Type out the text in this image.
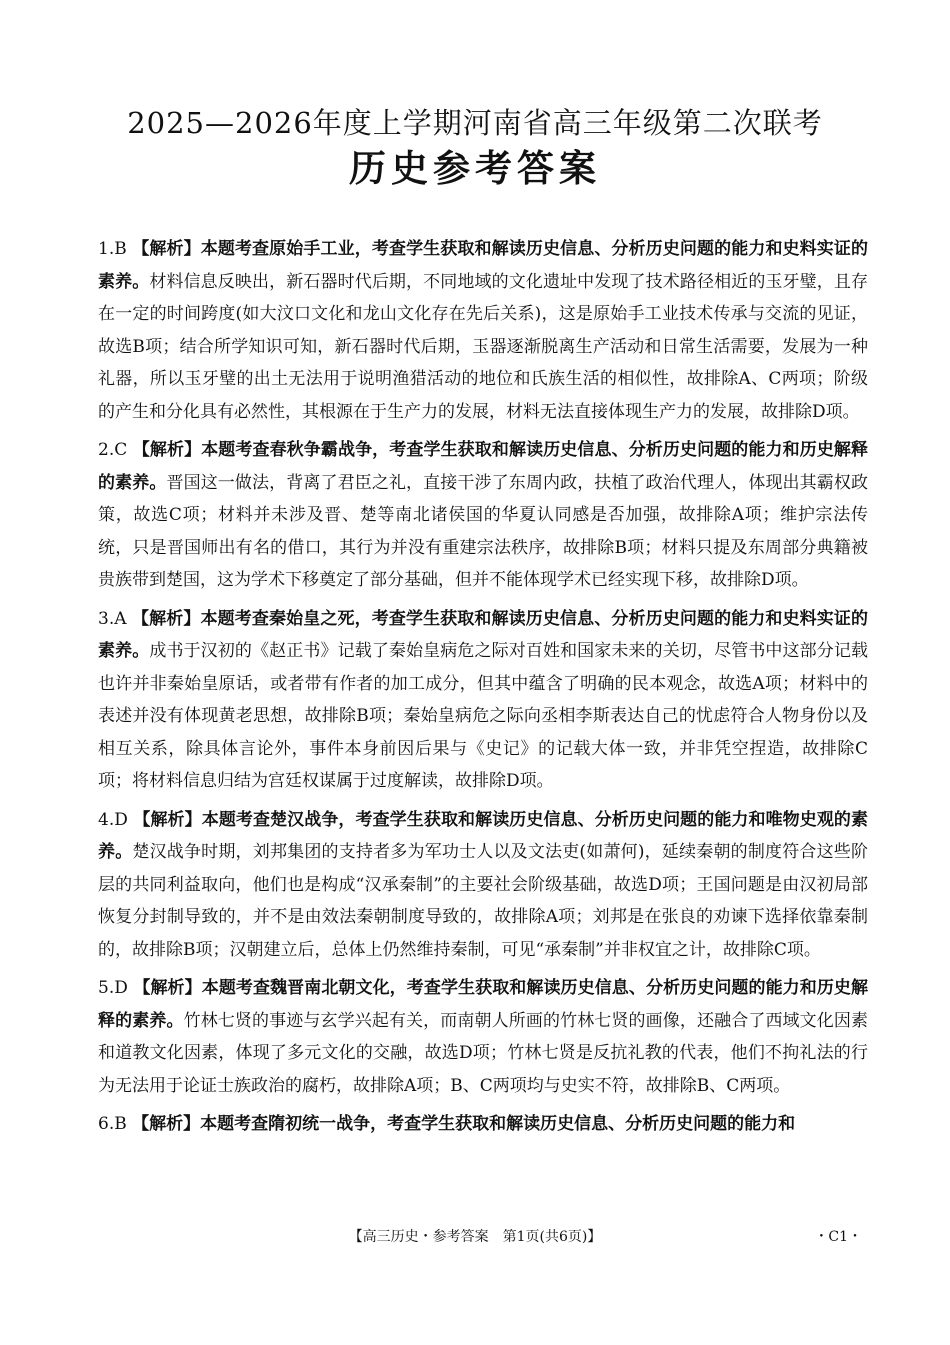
2025—2026年度上学期河南省高三年级第二次联考
历史参考答案

1.B 【解析】本题考查原始手工业，考查学生获取和解读历史信息、分析历史问题的能力和史料实证的素养。材料信息反映出，新石器时代后期，不同地域的文化遗址中发现了技术路径相近的玉牙璧，且存在一定的时间跨度(如大汶口文化和龙山文化存在先后关系)，这是原始手工业技术传承与交流的见证，故选B项；结合所学知识可知，新石器时代后期，玉器逐渐脱离生产活动和日常生活需要，发展为一种礼器，所以玉牙璧的出土无法用于说明渔猎活动的地位和氏族生活的相似性，故排除A、C两项；阶级的产生和分化具有必然性，其根源在于生产力的发展，材料无法直接体现生产力的发展，故排除D项。

2.C 【解析】本题考查春秋争霸战争，考查学生获取和解读历史信息、分析历史问题的能力和历史解释的素养。晋国这一做法，背离了君臣之礼，直接干涉了东周内政，扶植了政治代理人，体现出其霸权政策，故选C项；材料并未涉及晋、楚等南北诸侯国的华夏认同感是否加强，故排除A项；维护宗法传统，只是晋国师出有名的借口，其行为并没有重建宗法秩序，故排除B项；材料只提及东周部分典籍被贵族带到楚国，这为学术下移奠定了部分基础，但并不能体现学术已经实现下移，故排除D项。

3.A 【解析】本题考查秦始皇之死，考查学生获取和解读历史信息、分析历史问题的能力和史料实证的素养。成书于汉初的《赵正书》记载了秦始皇病危之际对百姓和国家未来的关切，尽管书中这部分记载也许并非秦始皇原话，或者带有作者的加工成分，但其中蕴含了明确的民本观念，故选A项；材料中的表述并没有体现黄老思想，故排除B项；秦始皇病危之际向丞相李斯表达自己的忧虑符合人物身份以及相互关系，除具体言论外，事件本身前因后果与《史记》的记载大体一致，并非凭空捏造，故排除C项；将材料信息归结为宫廷权谋属于过度解读，故排除D项。

4.D 【解析】本题考查楚汉战争，考查学生获取和解读历史信息、分析历史问题的能力和唯物史观的素养。楚汉战争时期，刘邦集团的支持者多为军功士人以及文法吏(如萧何)，延续秦朝的制度符合这些阶层的共同利益取向，他们也是构成“汉承秦制”的主要社会阶级基础，故选D项；王国问题是由汉初局部恢复分封制导致的，并不是由效法秦朝制度导致的，故排除A项；刘邦是在张良的劝谏下选择依靠秦制的，故排除B项；汉朝建立后，总体上仍然维持秦制，可见“承秦制”并非权宜之计，故排除C项。

5.D 【解析】本题考查魏晋南北朝文化，考查学生获取和解读历史信息、分析历史问题的能力和历史解释的素养。竹林七贤的事迹与玄学兴起有关，而南朝人所画的竹林七贤的画像，还融合了西域文化因素和道教文化因素，体现了多元文化的交融，故选D项；竹林七贤是反抗礼教的代表，他们不拘礼法的行为无法用于论证士族政治的腐朽，故排除A项；B、C两项均与史实不符，故排除B、C两项。

6.B 【解析】本题考查隋初统一战争，考查学生获取和解读历史信息、分析历史问题的能力和

【高三历史・参考答案　第1页(共6页)】	・C1・
